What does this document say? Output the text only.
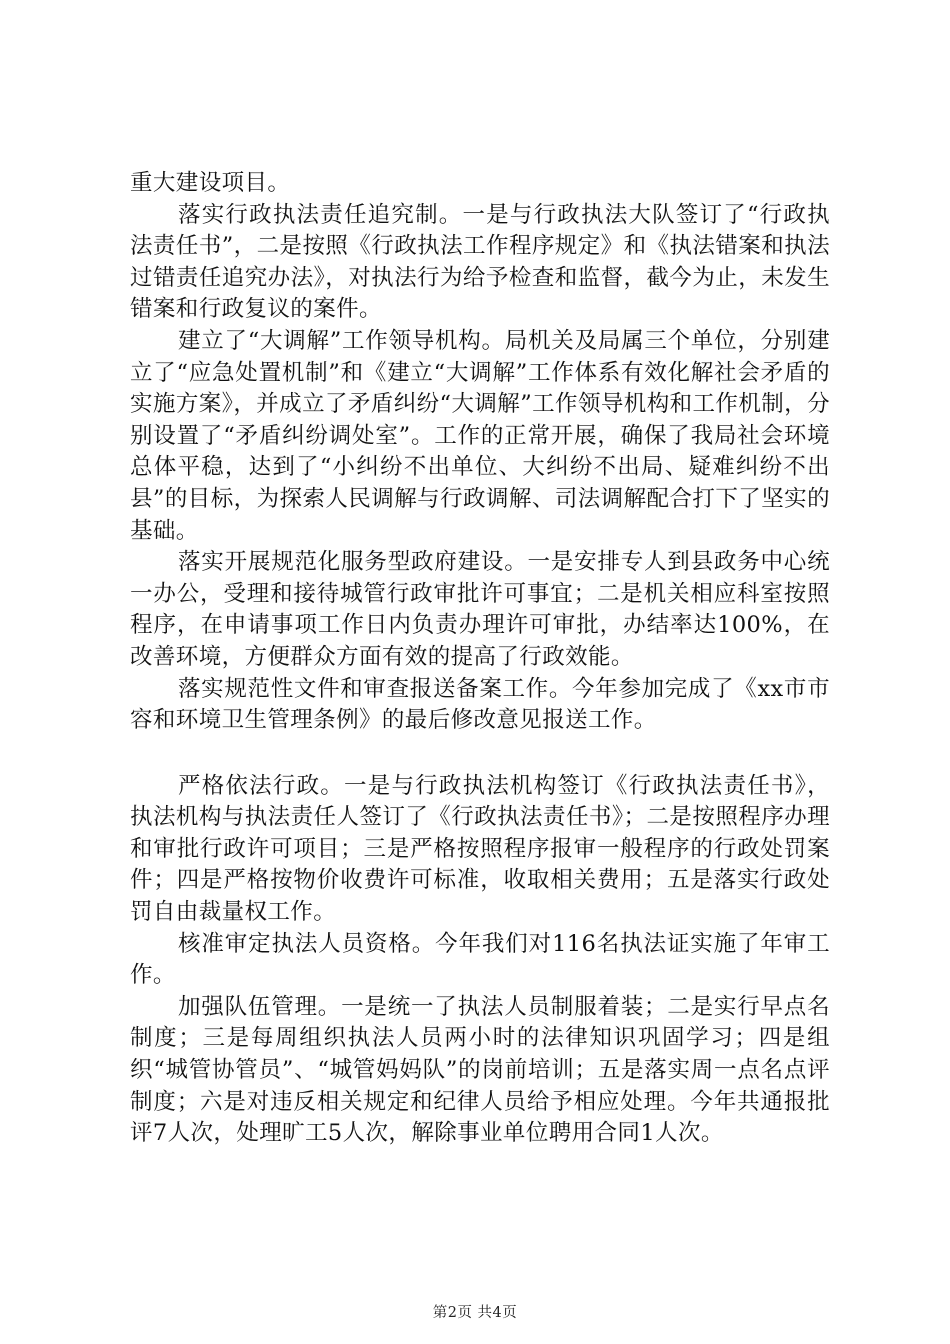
重大建设项目。

落实行政执法责任追究制。一是与行政执法大队签订了“行政执法责任书”，二是按照《行政执法工作程序规定》和《执法错案和执法过错责任追究办法》，对执法行为给予检查和监督，截今为止，未发生错案和行政复议的案件。

建立了“大调解”工作领导机构。局机关及局属三个单位，分别建立了“应急处置机制”和《建立“大调解”工作体系有效化解社会矛盾的实施方案》，并成立了矛盾纠纷“大调解”工作领导机构和工作机制，分别设置了“矛盾纠纷调处室”。工作的正常开展，确保了我局社会环境总体平稳，达到了“小纠纷不出单位、大纠纷不出局、疑难纠纷不出县”的目标，为探索人民调解与行政调解、司法调解配合打下了坚实的基础。

落实开展规范化服务型政府建设。一是安排专人到县政务中心统一办公，受理和接待城管行政审批许可事宜；二是机关相应科室按照程序，在申请事项工作日内负责办理许可审批，办结率达100%，在改善环境，方便群众方面有效的提高了行政效能。

落实规范性文件和审查报送备案工作。今年参加完成了《xx市市容和环境卫生管理条例》的最后修改意见报送工作。

严格依法行政。一是与行政执法机构签订《行政执法责任书》，执法机构与执法责任人签订了《行政执法责任书》；二是按照程序办理和审批行政许可项目；三是严格按照程序报审一般程序的行政处罚案件；四是严格按物价收费许可标准，收取相关费用；五是落实行政处罚自由裁量权工作。

核准审定执法人员资格。今年我们对116名执法证实施了年审工作。

加强队伍管理。一是统一了执法人员制服着装；二是实行早点名制度；三是每周组织执法人员两小时的法律知识巩固学习；四是组织“城管协管员”、“城管妈妈队”的岗前培训；五是落实周一点名点评制度；六是对违反相关规定和纪律人员给予相应处理。今年共通报批评7人次，处理旷工5人次，解除事业单位聘用合同1人次。

第2页 共4页
